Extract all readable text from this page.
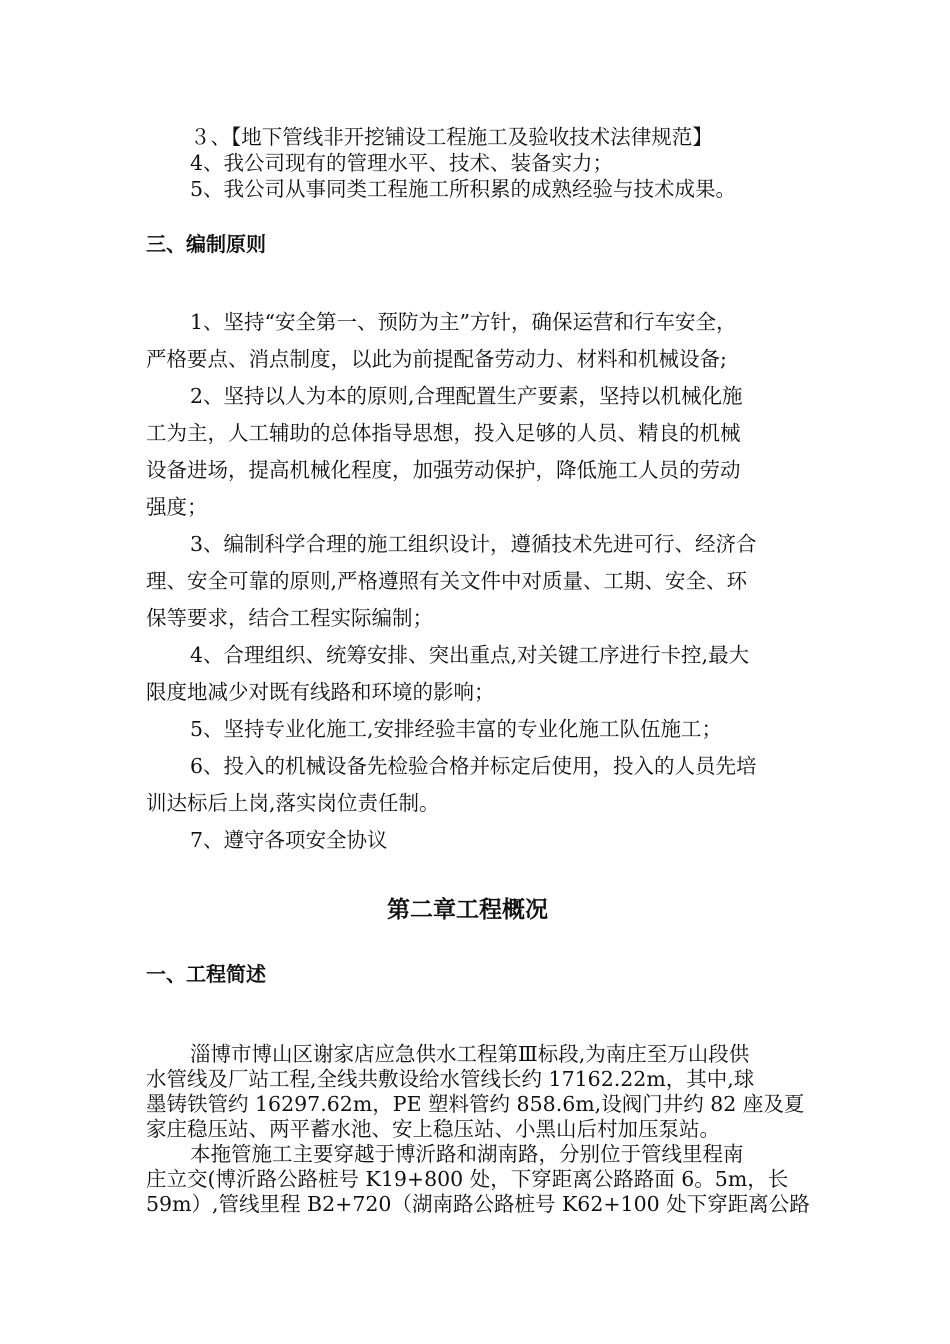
３、【地下管线非开挖铺设工程施工及验收技术法律规范】
4、我公司现有的管理水平、技术、装备实力；
5、我公司从事同类工程施工所积累的成熟经验与技术成果。
三、编制原则
1、坚持“安全第一、预防为主”方针，确保运营和行车安全，
严格要点、消点制度，以此为前提配备劳动力、材料和机械设备;
2、坚持以人为本的原则,合理配置生产要素，坚持以机械化施
工为主，人工辅助的总体指导思想，投入足够的人员、精良的机械
设备进场，提高机械化程度，加强劳动保护，降低施工人员的劳动
强度；
3、编制科学合理的施工组织设计，遵循技术先进可行、经济合
理、安全可靠的原则,严格遵照有关文件中对质量、工期、安全、环
保等要求，结合工程实际编制；
4、合理组织、统筹安排、突出重点,对关键工序进行卡控,最大
限度地减少对既有线路和环境的影响；
5、坚持专业化施工,安排经验丰富的专业化施工队伍施工；
6、投入的机械设备先检验合格并标定后使用，投入的人员先培
训达标后上岗,落实岗位责任制。
7、遵守各项安全协议
第二章工程概况
一、工程简述
淄博市博山区谢家店应急供水工程第Ⅲ标段,为南庄至万山段供
水管线及厂站工程,全线共敷设给水管线长约 17162.22m，其中,球
墨铸铁管约 16297.62m，PE 塑料管约 858.6m,设阀门井约 82 座及夏
家庄稳压站、两平蓄水池、安上稳压站、小黑山后村加压泵站。
本拖管施工主要穿越于博沂路和湖南路，分别位于管线里程南
庄立交(博沂路公路桩号 K19+800 处，下穿距离公路路面 6。5m，长
59m）,管线里程 B2+720（湖南路公路桩号 K62+100 处下穿距离公路
